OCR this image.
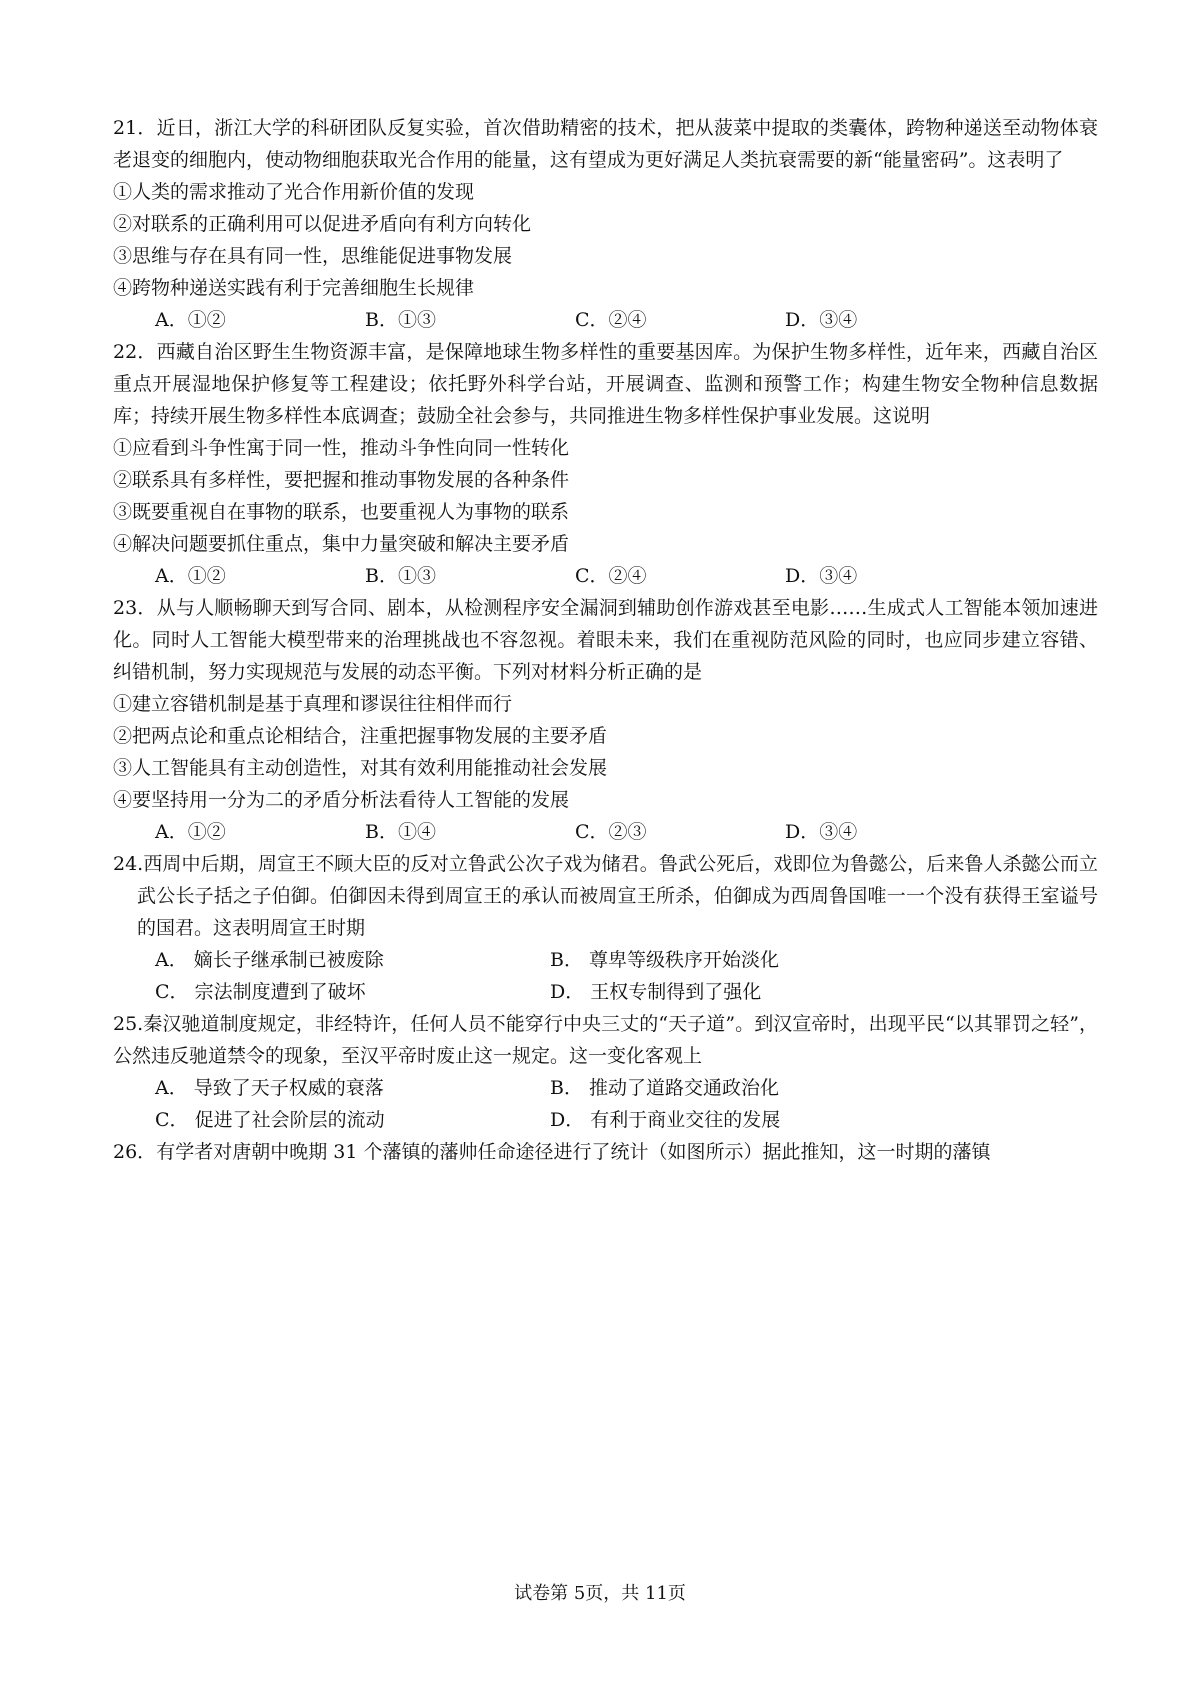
21．近日，浙江大学的科研团队反复实验，首次借助精密的技术，把从菠菜中提取的类囊体，跨物种递送至动物体衰老退变的细胞内，使动物细胞获取光合作用的能量，这有望成为更好满足人类抗衰需要的新“能量密码”。这表明了

①人类的需求推动了光合作用新价值的发现

②对联系的正确利用可以促进矛盾向有利方向转化

③思维与存在具有同一性，思维能促进事物发展

④跨物种递送实践有利于完善细胞生长规律

A．①②	B．①③	C．②④	D．③④

22．西藏自治区野生生物资源丰富，是保障地球生物多样性的重要基因库。为保护生物多样性，近年来，西藏自治区重点开展湿地保护修复等工程建设；依托野外科学台站，开展调查、监测和预警工作；构建生物安全物种信息数据库；持续开展生物多样性本底调查；鼓励全社会参与，共同推进生物多样性保护事业发展。这说明

①应看到斗争性寓于同一性，推动斗争性向同一性转化

②联系具有多样性，要把握和推动事物发展的各种条件

③既要重视自在事物的联系，也要重视人为事物的联系

④解决问题要抓住重点，集中力量突破和解决主要矛盾

A．①②	B．①③	C．②④	D．③④

23．从与人顺畅聊天到写合同、剧本，从检测程序安全漏洞到辅助创作游戏甚至电影……生成式人工智能本领加速进化。同时人工智能大模型带来的治理挑战也不容忽视。着眼未来，我们在重视防范风险的同时，也应同步建立容错、纠错机制，努力实现规范与发展的动态平衡。下列对材料分析正确的是

①建立容错机制是基于真理和谬误往往相伴而行

②把两点论和重点论相结合，注重把握事物发展的主要矛盾

③人工智能具有主动创造性，对其有效利用能推动社会发展

④要坚持用一分为二的矛盾分析法看待人工智能的发展

A．①②	B．①④	C．②③	D．③④

24.西周中后期，周宣王不顾大臣的反对立鲁武公次子戏为储君。鲁武公死后，戏即位为鲁懿公，后来鲁人杀懿公而立武公长子括之子伯御。伯御因未得到周宣王的承认而被周宣王所杀，伯御成为西周鲁国唯一一个没有获得王室谥号的国君。这表明周宣王时期

A． 嫡长子继承制已被废除	B． 尊卑等级秩序开始淡化
C． 宗法制度遭到了破坏	D． 王权专制得到了强化

25.秦汉驰道制度规定，非经特许，任何人员不能穿行中央三丈的“天子道”。到汉宣帝时，出现平民“以其罪罚之轻”，公然违反驰道禁令的现象，至汉平帝时废止这一规定。这一变化客观上

A． 导致了天子权威的衰落	B． 推动了道路交通政治化
C． 促进了社会阶层的流动	D． 有利于商业交往的发展

26．有学者对唐朝中晚期 31 个藩镇的藩帅任命途径进行了统计（如图所示）据此推知，这一时期的藩镇

试卷第 5页，共 11页
